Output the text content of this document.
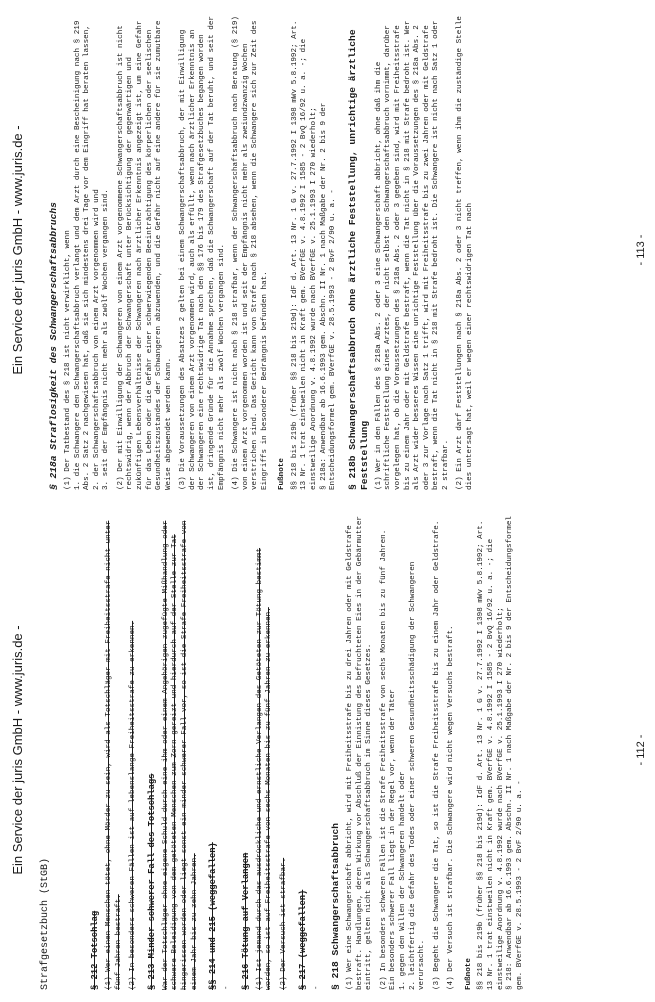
Ein Service der juris GmbH - www.juris.de -
Strafgesetzbuch (StGB)	§ 212 Totschlag (1) Wer einen Menschen tötet, ohne Mörder zu sein, wird als Totschläger mit Freiheitsstrafe nicht unter fünf Jahren bestraft. (2) In besonders schweren Fällen ist auf lebenslange Freiheitsstrafe zu erkennen. § 213 Minder schwerer Fall des Totschlags War der Totschläger ohne eigene Schuld durch eine ihm oder einem Angehörigen zugefügte Mißhandlung oder schwere Beleidigung von dem getöteten Menschen zum Zorn gereizt und hierdurch auf der Stelle zur Tat hingerissen worden oder liegt sonst ein minder schwerer Fall vor, so ist die Strafe Freiheitsstrafe von einem Jahr bis zu zehn Jahren. §§ 214 und 215 (weggefallen) - § 216 Tötung auf Verlangen (1) Ist jemand durch das ausdrückliche und ernstliche Verlangen des Getöteten zur Tötung bestimmt worden, so ist auf Freiheitsstrafe von sechs Monaten bis zu fünf Jahren zu erkennen. (2) Der Versuch ist strafbar. § 217 (weggefallen) - § 218 Schwangerschaftsabbruch (1) Wer eine Schwangerschaft abbricht, wird mit Freiheitsstrafe bis zu drei Jahren oder mit Geldstrafe bestraft. Handlungen, deren Wirkung vor Abschluß der Einnistung des befruchteten Eies in der Gebärmutter eintritt, gelten nicht als Schwangerschaftsabbruch im Sinne dieses Gesetzes. (2) In besonders schweren Fällen ist die Strafe Freiheitsstrafe von sechs Monaten bis zu fünf Jahren. Ein besonders schwerer Fall liegt in der Regel vor, wenn der Täter
1. gegen den Willen der Schwangeren handelt oder
2. leichtfertig die Gefahr des Todes oder einer schweren Gesundheitsschädigung der Schwangeren verursacht. (3) Begeht die Schwangere die Tat, so ist die Strafe Freiheitsstrafe bis zu einem Jahr oder Geldstrafe. (4) Der Versuch ist strafbar. Die Schwangere wird nicht wegen Versuchs bestraft. Fußnote §§ 218 bis 219b (früher §§ 218 bis 219d): IdF d. Art. 13 Nr. 1 G v. 27.7.1992 I 1398 mWv 5.8.1992; Art. 13 Nr. 1 trat einstweilen nicht in Kraft gem. BVerfGE v. 4.8.1992 I 1585 - 2 BvQ 16/92 u. a. -; die einstweilige Anordnung v. 4.8.1992 wurde nach BVerfGE v. 25.1.1993 I 270 wiederholt;
§ 218: Anwendbar ab 16.6.1993 gem. Abschn. II Nr. 1 nach Maßgabe der Nr. 2 bis 9 der Entscheidungsformel gem. BVerfGE v. 28.5.1993 - 2 BvF 2/90 u. a. -
- 112 -
Ein Service der juris GmbH - www.juris.de - § 218a Straflosigkeit des Schwangerschaftsabbruchs (1) Der Tatbestand des § 218 ist nicht verwirklicht, wenn
1. die Schwangere den Schwangerschaftsabbruch verlangt und dem Arzt durch eine Bescheinigung nach § 219 Abs. 2 Satz 2 nachgewiesen hat, daß sie sich mindestens drei Tage vor dem Eingriff hat beraten lassen,
2. der Schwangerschaftsabbruch von einem Arzt vorgenommen wird und
3. seit der Empfängnis nicht mehr als zwölf Wochen vergangen sind. (2) Der mit Einwilligung der Schwangeren von einem Arzt vorgenommene Schwangerschaftsabbruch ist nicht rechtswidrig, wenn der Abbruch der Schwangerschaft unter Berücksichtigung der gegenwärtigen und zukünftigen Lebensverhältnisse der Schwangeren nach ärztlicher Erkenntnis angezeigt ist, um eine Gefahr für das Leben oder die Gefahr einer schwerwiegenden Beeinträchtigung des körperlichen oder seelischen Gesundheitszustandes der Schwangeren abzuwenden, und die Gefahr nicht auf eine andere für sie zumutbare Weise abgewendet werden kann. (3) Die Voraussetzungen des Absatzes 2 gelten bei einem Schwangerschaftsabbruch, der mit Einwilligung der Schwangeren von einem Arzt vorgenommen wird, auch als erfüllt, wenn nach ärztlicher Erkenntnis an der Schwangeren eine rechtswidrige Tat nach den §§ 176 bis 179 des Strafgesetzbuches begangen worden ist, dringende Gründe für die Annahme sprechen, daß die Schwangerschaft auf der Tat beruht, und seit der Empfängnis nicht mehr als zwölf Wochen vergangen sind. (4) Die Schwangere ist nicht nach § 218 strafbar, wenn der Schwangerschaftsabbruch nach Beratung (§ 219) von einem Arzt vorgenommen worden ist und seit der Empfängnis nicht mehr als zweiundzwanzig Wochen verstrichen sind. Das Gericht kann von Strafe nach § 218 absehen, wenn die Schwangere sich zur Zeit des Eingriffs in besonderer Bedrängnis befunden hat. Fußnote §§ 218 bis 219b (früher §§ 218 bis 219d): IdF d. Art. 13 Nr. 1 G v. 27.7.1992 I 1398 mWv 5.8.1992; Art. 13 Nr. 1 trat einstweilen nicht in Kraft gem. BVerfGE v. 4.8.1992 I 1585 - 2 BvQ 16/92 u. a. -; die einstweilige Anordnung v. 4.8.1992 wurde nach BVerfGE v. 25.1.1993 I 270 wiederholt;
§ 218a: Anwendbar ab 16.6.1993 gem. Abschn. II Nr. 1 nach Maßgabe der Nr. 2 bis 9 der Entscheidungsformel gem. BVerfGE v. 28.5.1993 - 2 BvF 2/90 u. a. - § 218b Schwangerschaftsabbruch ohne ärztliche Feststellung, unrichtige ärztliche Feststellung (1) Wer in den Fällen des § 218a Abs. 2 oder 3 eine Schwangerschaft abbricht, ohne daß ihm die schriftliche Feststellung eines Arztes, der nicht selbst den Schwangerschaftsabbruch vornimmt, darüber vorgelegen hat, ob die Voraussetzungen des § 218a Abs. 2 oder 3 gegeben sind, wird mit Freiheitsstrafe bis zu einem Jahr oder mit Geldstrafe bestraft, wenn die Tat nicht in § 218 mit Strafe bedroht ist. Wer als Arzt wider besseres Wissen eine unrichtige Feststellung über die Voraussetzungen des § 218a Abs. 2 oder 3 zur Vorlage nach Satz 1 trifft, wird mit Freiheitsstrafe bis zu zwei Jahren oder mit Geldstrafe bestraft, wenn die Tat nicht in § 218 mit Strafe bedroht ist. Die Schwangere ist nicht nach Satz 1 oder 2 strafbar. (2) Ein Arzt darf Feststellungen nach § 218a Abs. 2 oder 3 nicht treffen, wenn ihm die zuständige Stelle dies untersagt hat, weil er wegen einer rechtswidrigen Tat nach	- 113 -
